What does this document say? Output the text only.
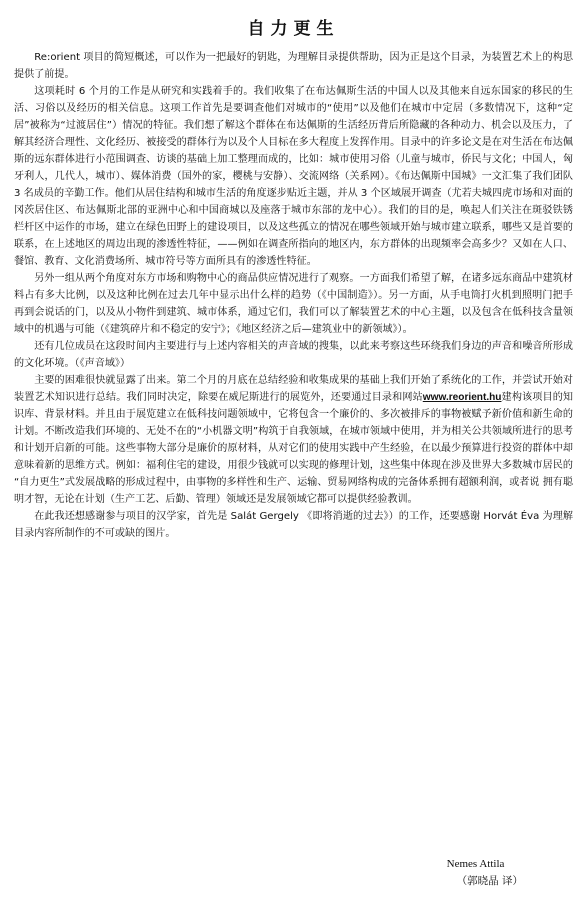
自力更生

Re:orient 项目的简短概述，可以作为一把最好的钥匙，为理解目录提供帮助，因为正是这个目录，为装置艺术上的构思提供了前提。

这项耗时 6 个月的工作是从研究和实践着手的。我们收集了在布达佩斯生活的中国人以及其他来自远东国家的移民的生活、习俗以及经历的相关信息。这项工作首先是要调查他们对城市的“使用”以及他们在城市中定居（多数情况下，这种“定居”被称为“过渡居住”）情况的特征。我们想了解这个群体在布达佩斯的生活经历背后所隐藏的各种动力、机会以及压力，了解其经济合理性、文化经历、被接受的群体行为以及个人目标在多大程度上发挥作用。目录中的许多论文是在对生活在布达佩斯的远东群体进行小范围调查、访谈的基础上加工整理而成的，比如：城市使用习俗（儿童与城市，侨民与文化；中国人，匈牙利人，几代人，城市）、媒体消费（国外的家，樱桃与安静）、交流网络（关系网）。《布达佩斯中国城》一文汇集了我们团队 3 名成员的辛勤工作。他们从居住结构和城市生活的角度逐步贴近主题，并从 3 个区域展开调查（尤若夫城四虎市场和对面的冈茨居住区、布达佩斯北部的亚洲中心和中国商城以及座落于城市东部的龙中心）。我们的目的是，唤起人们关注在斑驳铁锈栏杆区中运作的市场，建立在绿色田野上的建设项目，以及这些孤立的情况在哪些领域开始与城市建立联系，哪些又是首要的联系，在上述地区的周边出现的渗透性特征，——例如在调查所指向的地区内，东方群体的出现频率会高多少？又如在人口、餐馆、教育、文化消费场所、城市符号等方面所具有的渗透性特征。

另外一组从两个角度对东方市场和购物中心的商品供应情况进行了观察。一方面我们希望了解，在诸多远东商品中建筑材料占有多大比例，以及这种比例在过去几年中显示出什么样的趋势（《中国制造》）。另一方面，从手电筒打火机到照明门把手再到会说话的门，以及从小物件到建筑、城市体系，通过它们，我们可以了解装置艺术的中心主题，以及包含在低科技含量领域中的机遇与可能（《建筑碎片和不稳定的安宁》；《地区经济之后—建筑业中的新领域》）。

还有几位成员在这段时间内主要进行与上述内容相关的声音域的搜集，以此来考察这些环绕我们身边的声音和噪音所形成的文化环境。（《声音域》）

主要的困难很快就显露了出来。第二个月的月底在总结经验和收集成果的基础上我们开始了系统化的工作，并尝试开始对装置艺术知识进行总结。我们同时决定，除要在威尼斯进行的展览外，还要通过目录和网站www.reorient.hu建构该项目的知识库、背景材料。并且由于展览建立在低科技问题领域中，它将包含一个廉价的、多次被排斥的事物被赋予新价值和新生命的计划。不断改造我们环境的、无处不在的“小机器文明”构筑于自我领域，在城市领域中使用，并为相关公共领域所进行的思考和计划开启新的可能。这些事物大部分是廉价的原材料，从对它们的使用实践中产生经验，在以最少预算进行投资的群体中却意味着新的思维方式。例如：福利住宅的建设，用很少钱就可以实现的修理计划，这些集中体现在涉及世界大多数城市居民的 “自力更生”式发展战略的形成过程中，由事物的多样性和生产、运输、贸易网络构成的完备体系拥有超额利润，或者说 拥有聪明才智，无论在计划（生产工艺、后勤、管理）领域还是发展领域它都可以提供经验教训。

在此我还想感谢参与项目的汉学家，首先是 Salát Gergely 《即将消逝的过去》）的工作，还要感谢 Horvát Éva 为理解目录内容所制作的不可或缺的图片。

Nemes Attila
（郭晓晶 译）
